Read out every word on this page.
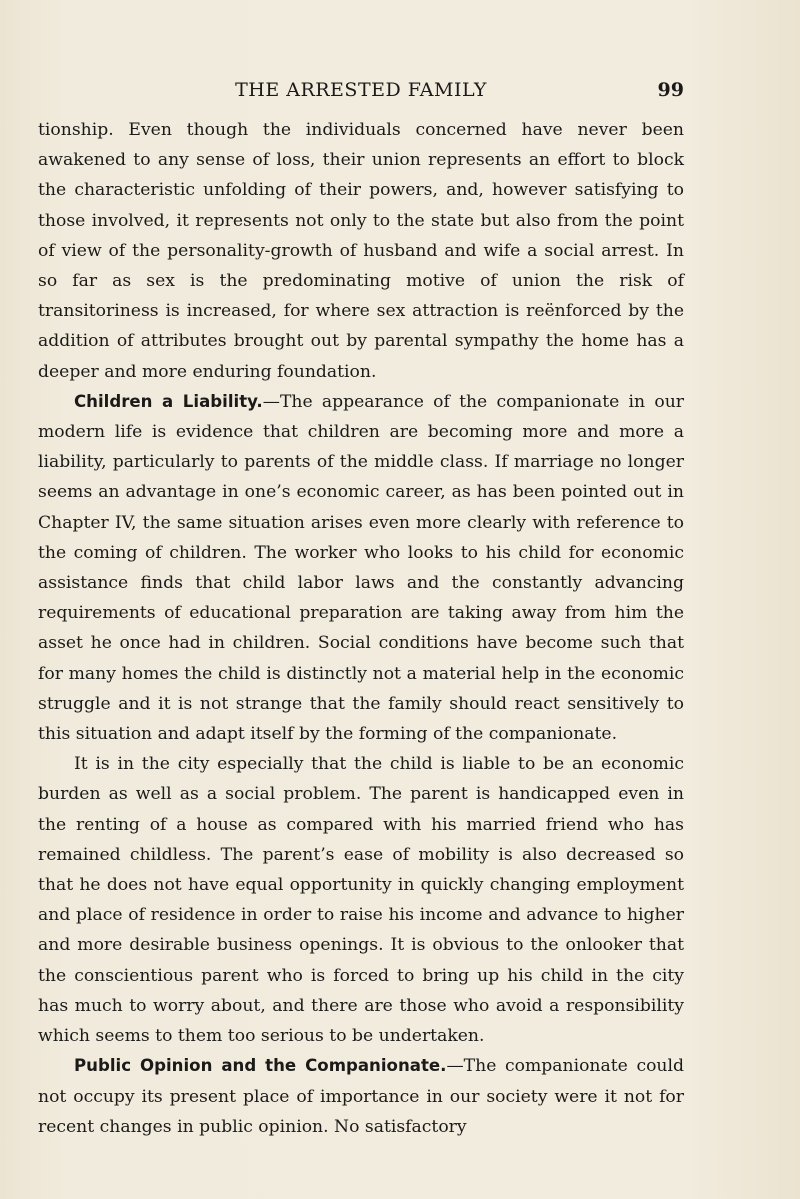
THE ARRESTED FAMILY	99

tionship. Even though the individuals concerned have never been awakened to any sense of loss, their union represents an effort to block the characteristic unfolding of their powers, and, however satisfying to those involved, it represents not only to the state but also from the point of view of the personality-growth of husband and wife a social arrest. In so far as sex is the predominating motive of union the risk of transitoriness is increased, for where sex attraction is reënforced by the addition of attributes brought out by parental sympathy the home has a deeper and more enduring foundation.

Children a Liability.—The appearance of the companionate in our modern life is evidence that children are becoming more and more a liability, particularly to parents of the middle class. If marriage no longer seems an advantage in one’s economic career, as has been pointed out in Chapter IV, the same situation arises even more clearly with reference to the coming of children. The worker who looks to his child for economic assistance finds that child labor laws and the constantly advancing requirements of educational preparation are taking away from him the asset he once had in children. Social conditions have become such that for many homes the child is distinctly not a material help in the economic struggle and it is not strange that the family should react sensitively to this situation and adapt itself by the forming of the companionate.

It is in the city especially that the child is liable to be an economic burden as well as a social problem. The parent is handicapped even in the renting of a house as compared with his married friend who has remained childless. The parent’s ease of mobility is also decreased so that he does not have equal opportunity in quickly changing employment and place of residence in order to raise his income and advance to higher and more desirable business openings. It is obvious to the onlooker that the conscientious parent who is forced to bring up his child in the city has much to worry about, and there are those who avoid a responsibility which seems to them too serious to be undertaken.

Public Opinion and the Companionate.—The companionate could not occupy its present place of importance in our society were it not for recent changes in public opinion. No satisfactory
